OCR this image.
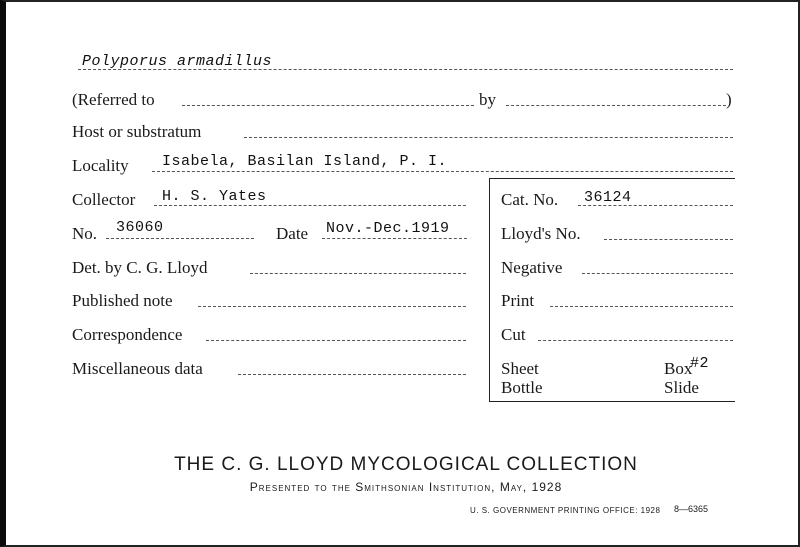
Polyporus armadillus
(Referred to	by	)
Host or substratum
Locality Isabela, Basilan Island, P. I.
Collector H. S. Yates
No. 36060	Date Nov.-Dec.1919
Det. by C. G. Lloyd
Published note
Correspondence
Miscellaneous data
Cat. No. 36124
Lloyd's No.
Negative
Print
Cut
Sheet	Box
#2
Bottle	Slide
THE C. G. LLOYD MYCOLOGICAL COLLECTION
Presented to the Smithsonian Institution, May, 1928
U. S. GOVERNMENT PRINTING OFFICE: 1928 8—6365
